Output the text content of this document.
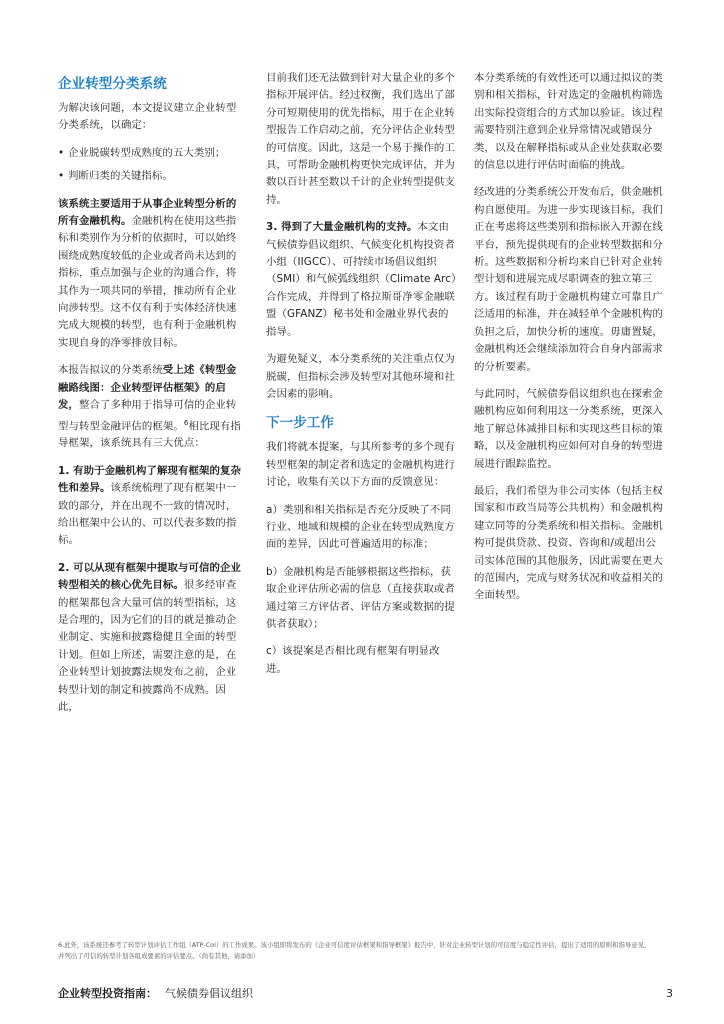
企业转型分类系统

为解决该问题，本文提议建立企业转型分类系统，以确定：

• 企业脱碳转型成熟度的五大类别；
• 判断归类的关键指标。

该系统主要适用于从事企业转型分析的所有金融机构。金融机构在使用这些指标和类别作为分析的依据时，可以始终围绕成熟度较低的企业或者尚未达到的指标，重点加强与企业的沟通合作，将其作为一项共同的举措，推动所有企业向涉转型。这不仅有利于实体经济快速完成大规模的转型，也有利于金融机构实现自身的净零排放目标。

本报告拟议的分类系统受上述《转型金融路线图：企业转型评估框架》的启发，整合了多种用于指导可信的企业转型与转型金融评估的框架。$^6$相比现有指导框架，该系统具有三大优点：

1. 有助于金融机构了解现有框架的复杂性和差异。该系统梳理了现有框架中一致的部分，并在出现不一致的情况时，给出框架中公认的、可以代表多数的指标。

2. 可以从现有框架中提取与可信的企业转型相关的核心优先目标。很多经审查的框架都包含大量可信的转型指标，这是合理的，因为它们的目的就是推动企业制定、实施和披露稳健且全面的转型计划。但如上所述，需要注意的是，在企业转型计划披露法规发布之前，企业转型计划的制定和披露尚不成熟。因此，

目前我们还无法做到针对大量企业的多个指标开展评估。经过权衡，我们选出了部分可短期使用的优先指标，用于在企业转型报告工作启动之前，充分评估企业转型的可信度。因此，这是一个易于操作的工具，可帮助金融机构更快完成评估，并为数以百计甚至数以千计的企业转型提供支持。

3. 得到了大量金融机构的支持。本文由气候债券倡议组织、气候变化机构投资者小组（IIGCC）、可持续市场倡议组织（SMI）和气候弧线组织（Climate Arc）合作完成，并得到了格拉斯哥净零金融联盟（GFANZ）秘书处和金融业界代表的指导。

为避免疑义，本分类系统的关注重点仅为脱碳，但指标会涉及转型对其他环境和社会因素的影响。

下一步工作

我们将就本提案，与其所参考的多个现有转型框架的制定者和选定的金融机构进行讨论，收集有关以下方面的反馈意见：

a）类别和相关指标是否充分反映了不同行业、地域和规模的企业在转型成熟度方面的差异，因此可普遍适用的标准；

b）金融机构是否能够根据这些指标，获取企业评估所必需的信息（直接获取或者通过第三方评估者、评估方案或数据的提供者获取）；

c）该提案是否相比现有框架有明显改进。

本分类系统的有效性还可以通过拟议的类别和相关指标，针对选定的金融机构筛选出实际投资组合的方式加以验证。该过程需要特别注意到企业异常情况或错误分类，以及在解释指标或从企业处获取必要的信息以进行评估时面临的挑战。

经改进的分类系统公开发布后，供金融机构自愿使用。为进一步实现该目标，我们正在考虑将这些类别和指标嵌入开源在线平台，预先提供现有的企业转型数据和分析。这些数据和分析均来自已针对企业转型计划和进展完成尽职调查的独立第三方。该过程有助于金融机构建立可靠且广泛适用的标准，并在减轻单个金融机构的负担之后，加快分析的速度。毋庸置疑，金融机构还会继续添加符合自身内部需求的分析要素。

与此同时，气候债券倡议组织也在探索金融机构应如何利用这一分类系统，更深入地了解总体减排目标和实现这些目标的策略，以及金融机构应如何对自身的转型进展进行跟踪监控。

最后，我们希望为非公司实体（包括主权国家和市政当局等公共机构）和金融机构建立同等的分类系统和相关指标。金融机构可提供贷款、投资、咨询和/或超出公司实体范围的其他服务，因此需要在更大的范围内，完成与财务状况和收益相关的全面转型。

6.此外，该系统还参考了转型计划评估工作组（ATP-Col）的工作成果。该小组即将发布的《企业可信度评估框架和指导框架》报告中，针对企业转型计划的可信度与稳定性评估，提出了适用的原则和指导意见，
并列出了可信的转型计划各组成要素的评估要点。（尚有其他，请添加）
企业转型投资指南： 气候债券倡议组织	3
